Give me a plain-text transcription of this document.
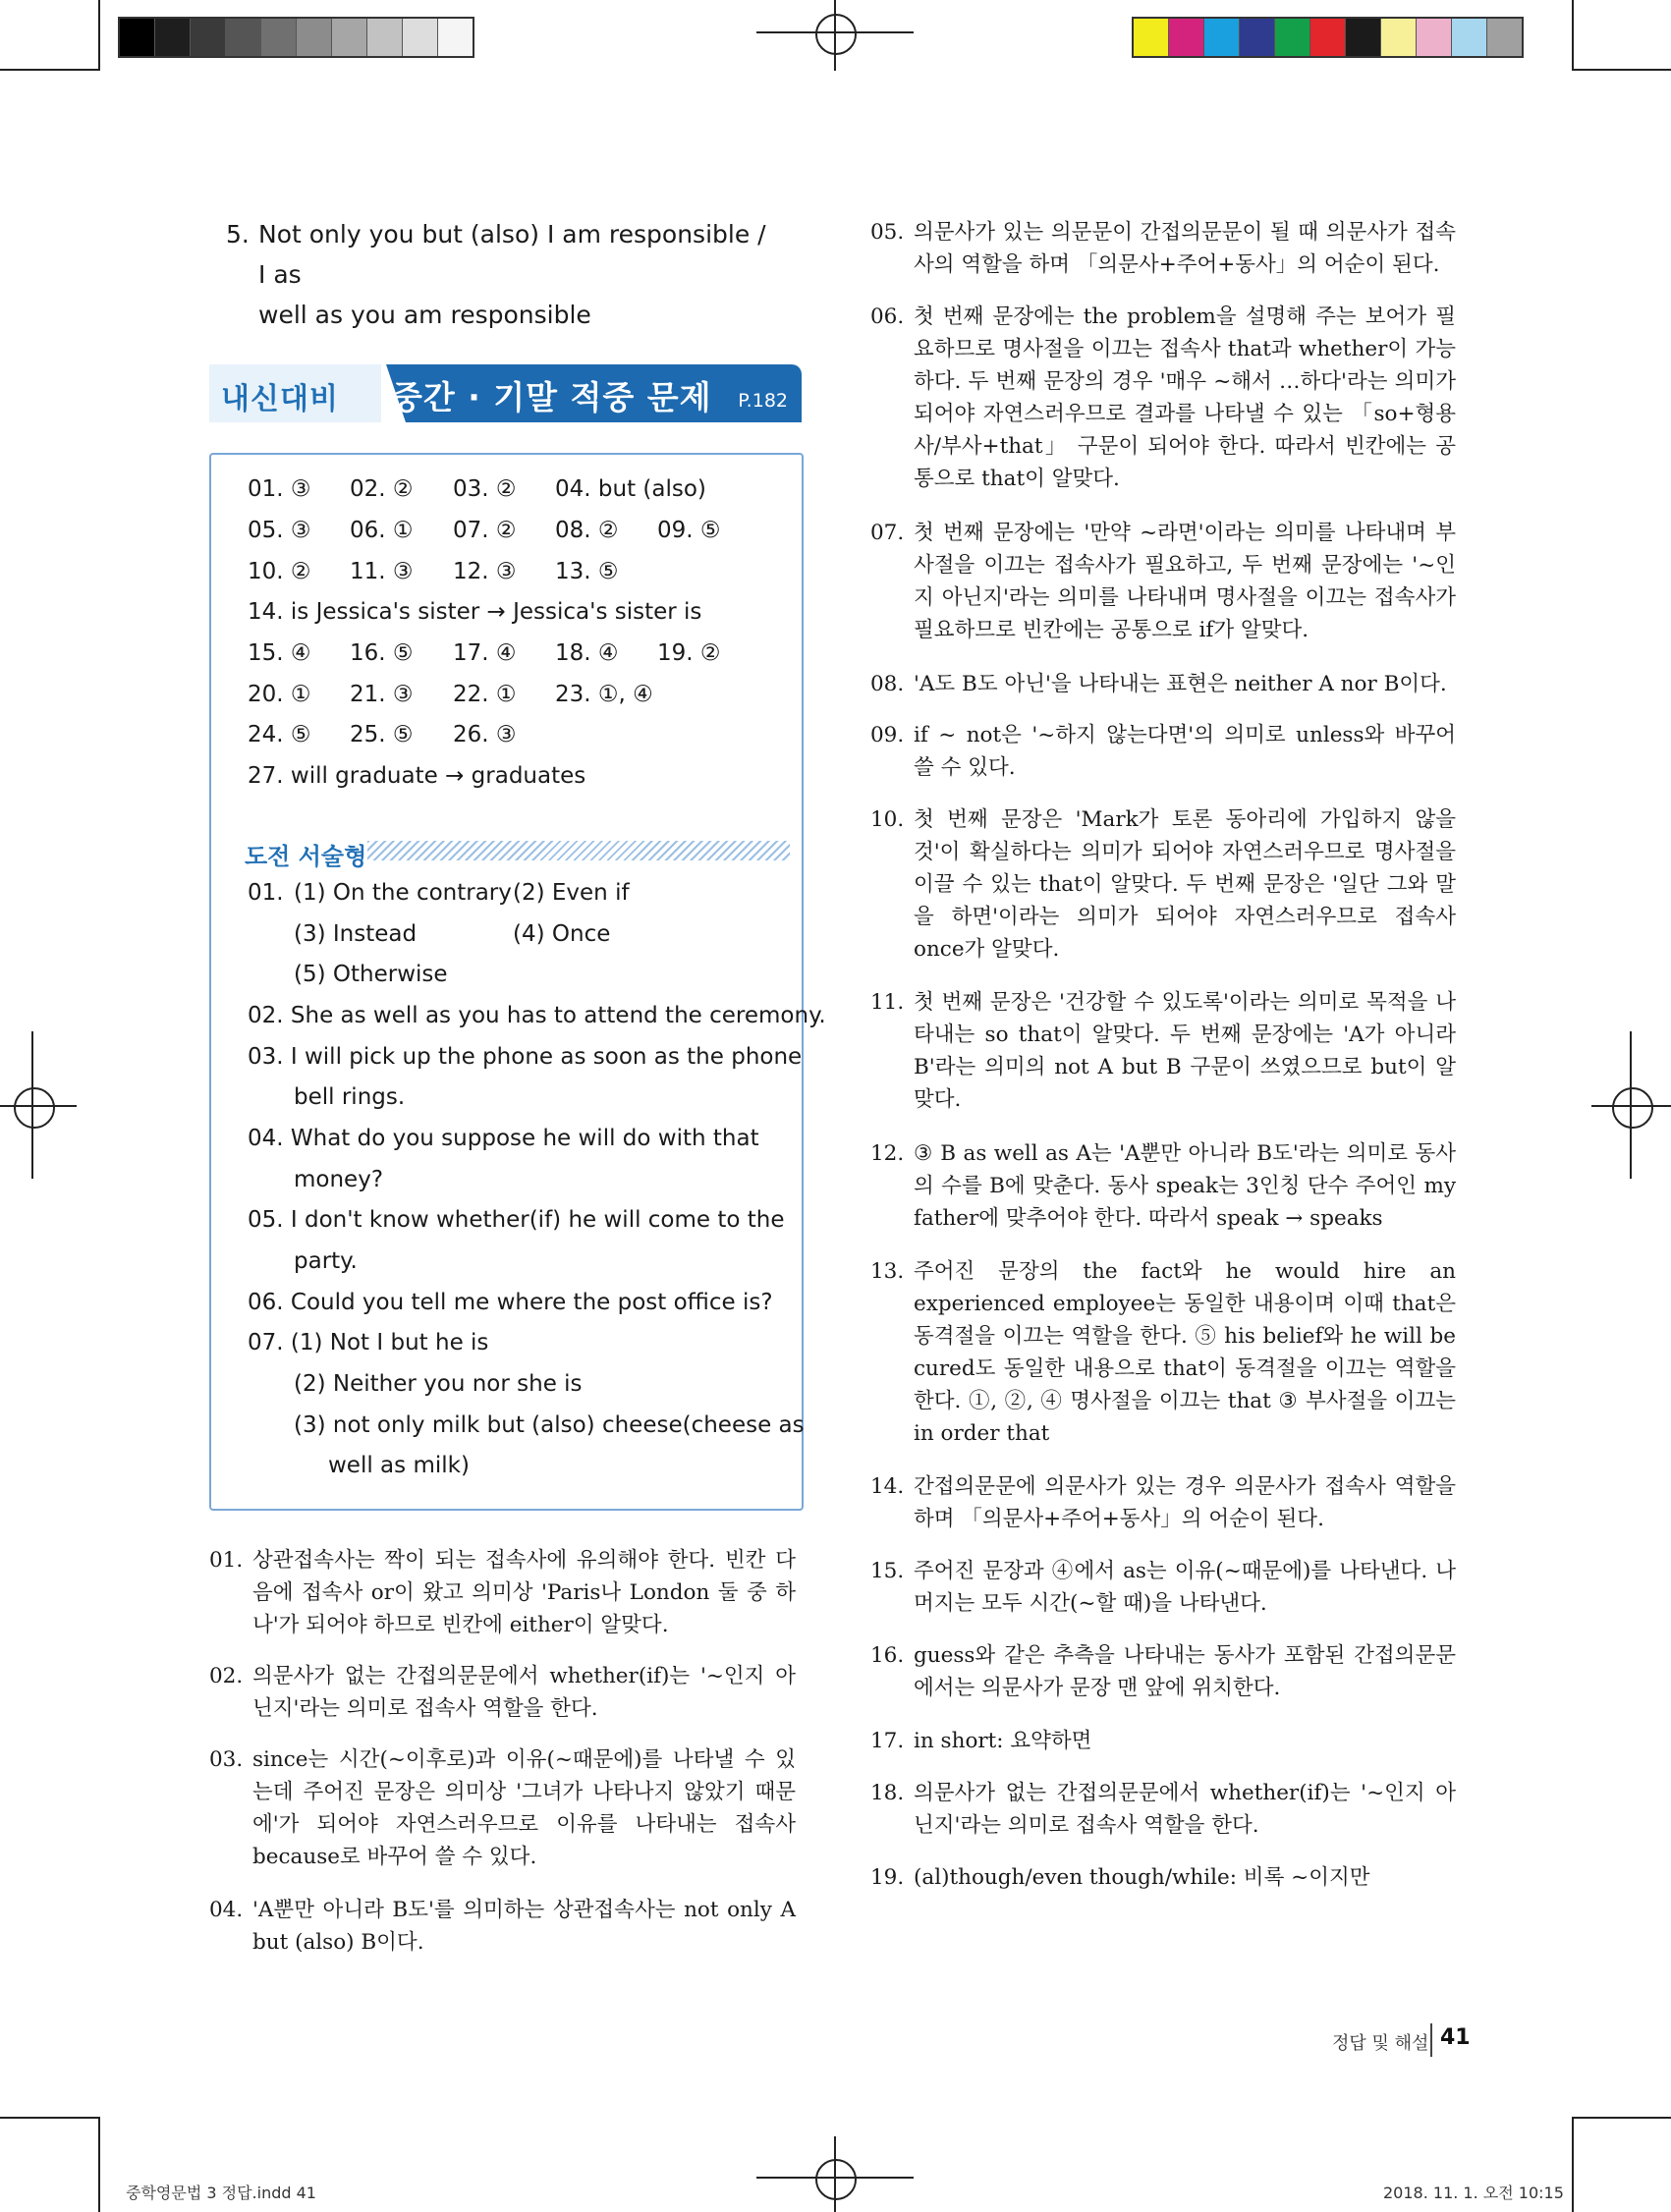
5. Not only you but (also) I am responsible / I as
well as you am responsible
내신대비 중간 · 기말 적중 문제 P.182
01. ③ 02. ② 03. ② 04. but (also)
05. ③ 06. ① 07. ② 08. ② 09. ⑤
10. ② 11. ③ 12. ③ 13. ⑤
14. is Jessica's sister → Jessica's sister is
15. ④ 16. ⑤ 17. ④ 18. ④ 19. ②
20. ① 21. ③ 22. ① 23. ①, ④
24. ⑤ 25. ⑤ 26. ③
27. will graduate → graduates
도전 서술형
01. (1) On the contrary (2) Even if
(3) Instead	(4) Once
(5) Otherwise
02. She as well as you has to attend the ceremony.
03. I will pick up the phone as soon as the phone
bell rings.
04. What do you suppose he will do with that
money?
05. I don't know whether(if) he will come to the
party.
06. Could you tell me where the post office is?
07. (1) Not I but he is
(2) Neither you nor she is
(3) not only milk but (also) cheese(cheese as
well as milk)
01. 상관접속사는 짝이 되는 접속사에 유의해야 한다. 빈칸 다음에 접속사 or이 왔고 의미상 'Paris나 London 둘 중 하나'가 되어야 하므로 빈칸에 either이 알맞다.
02. 의문사가 없는 간접의문문에서 whether(if)는 '~인지 아닌지'라는 의미로 접속사 역할을 한다.
03. since는 시간(~이후로)과 이유(~때문에)를 나타낼 수 있는데 주어진 문장은 의미상 '그녀가 나타나지 않았기 때문에'가 되어야 자연스러우므로 이유를 나타내는 접속사 because로 바꾸어 쓸 수 있다.
04. 'A뿐만 아니라 B도'를 의미하는 상관접속사는 not only A but (also) B이다.
05. 의문사가 있는 의문문이 간접의문문이 될 때 의문사가 접속사의 역할을 하며 「의문사+주어+동사」의 어순이 된다.
06. 첫 번째 문장에는 the problem을 설명해 주는 보어가 필요하므로 명사절을 이끄는 접속사 that과 whether이 가능하다. 두 번째 문장의 경우 '매우 ~해서 …하다'라는 의미가 되어야 자연스러우므로 결과를 나타낼 수 있는 「so+형용사/부사+that」 구문이 되어야 한다. 따라서 빈칸에는 공통으로 that이 알맞다.
07. 첫 번째 문장에는 '만약 ~라면'이라는 의미를 나타내며 부사절을 이끄는 접속사가 필요하고, 두 번째 문장에는 '~인지 아닌지'라는 의미를 나타내며 명사절을 이끄는 접속사가 필요하므로 빈칸에는 공통으로 if가 알맞다.
08. 'A도 B도 아닌'을 나타내는 표현은 neither A nor B이다.
09. if ~ not은 '~하지 않는다면'의 의미로 unless와 바꾸어 쓸 수 있다.
10. 첫 번째 문장은 'Mark가 토론 동아리에 가입하지 않을 것'이 확실하다는 의미가 되어야 자연스러우므로 명사절을 이끌 수 있는 that이 알맞다. 두 번째 문장은 '일단 그와 말을 하면'이라는 의미가 되어야 자연스러우므로 접속사 once가 알맞다.
11. 첫 번째 문장은 '건강할 수 있도록'이라는 의미로 목적을 나타내는 so that이 알맞다. 두 번째 문장에는 'A가 아니라 B'라는 의미의 not A but B 구문이 쓰였으므로 but이 알맞다.
12. ③ B as well as A는 'A뿐만 아니라 B도'라는 의미로 동사의 수를 B에 맞춘다. 동사 speak는 3인칭 단수 주어인 my father에 맞추어야 한다. 따라서 speak → speaks
13. 주어진 문장의 the fact와 he would hire an experienced employee는 동일한 내용이며 이때 that은 동격절을 이끄는 역할을 한다. ⑤ his belief와 he will be cured도 동일한 내용으로 that이 동격절을 이끄는 역할을 한다. ①, ②, ④ 명사절을 이끄는 that ③ 부사절을 이끄는 in order that
14. 간접의문문에 의문사가 있는 경우 의문사가 접속사 역할을 하며 「의문사+주어+동사」의 어순이 된다.
15. 주어진 문장과 ④에서 as는 이유(~때문에)를 나타낸다. 나머지는 모두 시간(~할 때)을 나타낸다.
16. guess와 같은 추측을 나타내는 동사가 포함된 간접의문문에서는 의문사가 문장 맨 앞에 위치한다.
17. in short: 요약하면
18. 의문사가 없는 간접의문문에서 whether(if)는 '~인지 아닌지'라는 의미로 접속사 역할을 한다.
19. (al)though/even though/while: 비록 ~이지만
정답 및 해설 41
중학영문법 3 정답.indd 41	2018. 11. 1. 오전 10:15
